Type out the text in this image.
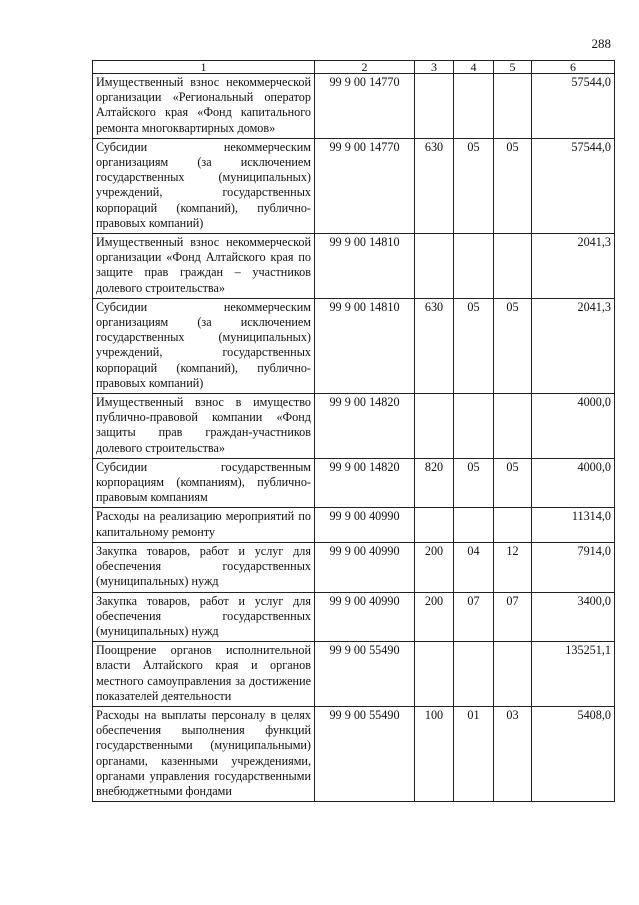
288
1	2	3	4	5	6
Имущественный взнос некоммерческой организации «Региональный оператор Алтайского края «Фонд капитального ремонта многоквартирных домов»	99 9 00 14770				57544,0
Субсидии некоммерческим организациям (за исключением государственных (муниципальных) учреждений, государственных корпораций (компаний), публично-правовых компаний)	99 9 00 14770	630	05	05	57544,0
Имущественный взнос некоммерческой организации «Фонд Алтайского края по защите прав граждан – участников долевого строительства»	99 9 00 14810				2041,3
Субсидии некоммерческим организациям (за исключением государственных (муниципальных) учреждений, государственных корпораций (компаний), публично-правовых компаний)	99 9 00 14810	630	05	05	2041,3
Имущественный взнос в имущество публично-правовой компании «Фонд защиты прав граждан-участников долевого строительства»	99 9 00 14820				4000,0
Субсидии государственным корпорациям (компаниям), публично-правовым компаниям	99 9 00 14820	820	05	05	4000,0
Расходы на реализацию мероприятий по капитальному ремонту	99 9 00 40990				11314,0
Закупка товаров, работ и услуг для обеспечения государственных (муниципальных) нужд	99 9 00 40990	200	04	12	7914,0
Закупка товаров, работ и услуг для обеспечения государственных (муниципальных) нужд	99 9 00 40990	200	07	07	3400,0
Поощрение органов исполнительной власти Алтайского края и органов местного самоуправления за достижение показателей деятельности	99 9 00 55490				135251,1
Расходы на выплаты персоналу в целях обеспечения выполнения функций государственными (муниципальными) органами, казенными учреждениями, органами управления государственными внебюджетными фондами	99 9 00 55490	100	01	03	5408,0
